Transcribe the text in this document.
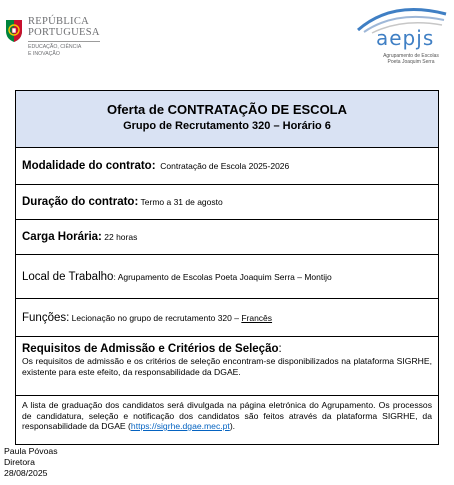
REPÚBLICA
PORTUGUESA
EDUCAÇÃO, CIÊNCIA
E INOVAÇÃO
aepjs
Agrupamento de Escolas
Poeta Joaquim Serra
Oferta de CONTRATAÇÃO DE ESCOLA
Grupo de Recrutamento 320 – Horário 6
Modalidade do contrato: Contratação de Escola 2025-2026
Duração do contrato: Termo a 31 de agosto
Carga Horária: 22 horas
Local de Trabalho : Agrupamento de Escolas Poeta Joaquim Serra – Montijo
Funções: Lecionação no grupo de recrutamento 320 – Francês
Requisitos de Admissão e Critérios de Seleção:
Os requisitos de admissão e os critérios de seleção encontram-se disponibilizados na plataforma SIGRHE, existente para este efeito, da responsabilidade da DGAE.
A lista de graduação dos candidatos será divulgada na página eletrónica do Agrupamento. Os processos de candidatura, seleção e notificação dos candidatos são feitos através da plataforma SIGRHE, da responsabilidade da DGAE (https://sigrhe.dgae.mec.pt).
Paula Póvoas
Diretora
28/08/2025
